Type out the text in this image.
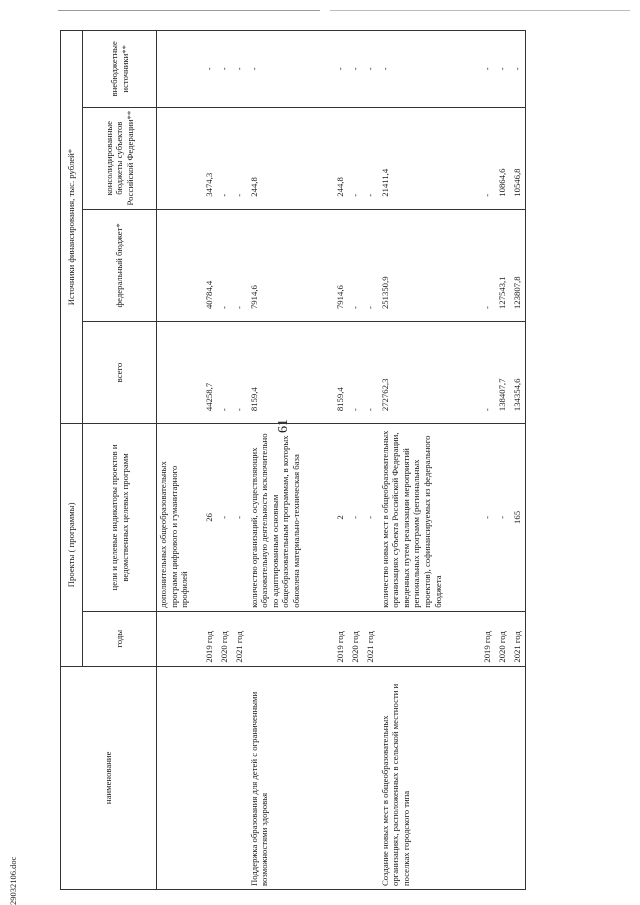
61
29032106.doc
наименование	Проекты ( программы)		Источники финансирования, тыс. рублей*			
	годы	цели и целевые индикаторы проектов и ведомственных целевых программ	всего	федеральный бюджет*	консолидированные бюджеты субъектов Российской Федерации**	внебюджетные источники**
		дополнительных общеобразовательных программ цифрового и гуманитарного профилей				
	2019 год	26	44258,7	40784,4	3474,3	-
	2020 год	-	-	-	-	-
	2021 год	-	-	-	-	-
Поддержка образования для детей с ограниченными возможностями здоровья		количество организаций, осуществляющих образовательную деятельность исключительно по адаптированным основным общеобразовательным программам, в которых обновлена материально-техническая база	8159,4	7914,6	244,8	-
	2019 год	2	8159,4	7914,6	244,8	-
	2020 год	-	-	-	-	-
	2021 год	-	-	-	-	-
Создание новых мест в общеобразовательных организациях, расположенных в сельской местности и поселках городского типа		количество новых мест в общеобразовательных организациях субъекта Российской Федерации, введенных путем реализации мероприятий региональных программ (региональных проектов), софинансируемых из федерального бюджета	272762,3	251350,9	21411,4	-
	2019 год	-	-	-	-	-
	2020 год	-	138407,7	127543,1	10864,6	-
	2021 год	165	134354,6	123807,8	10546,8	-
